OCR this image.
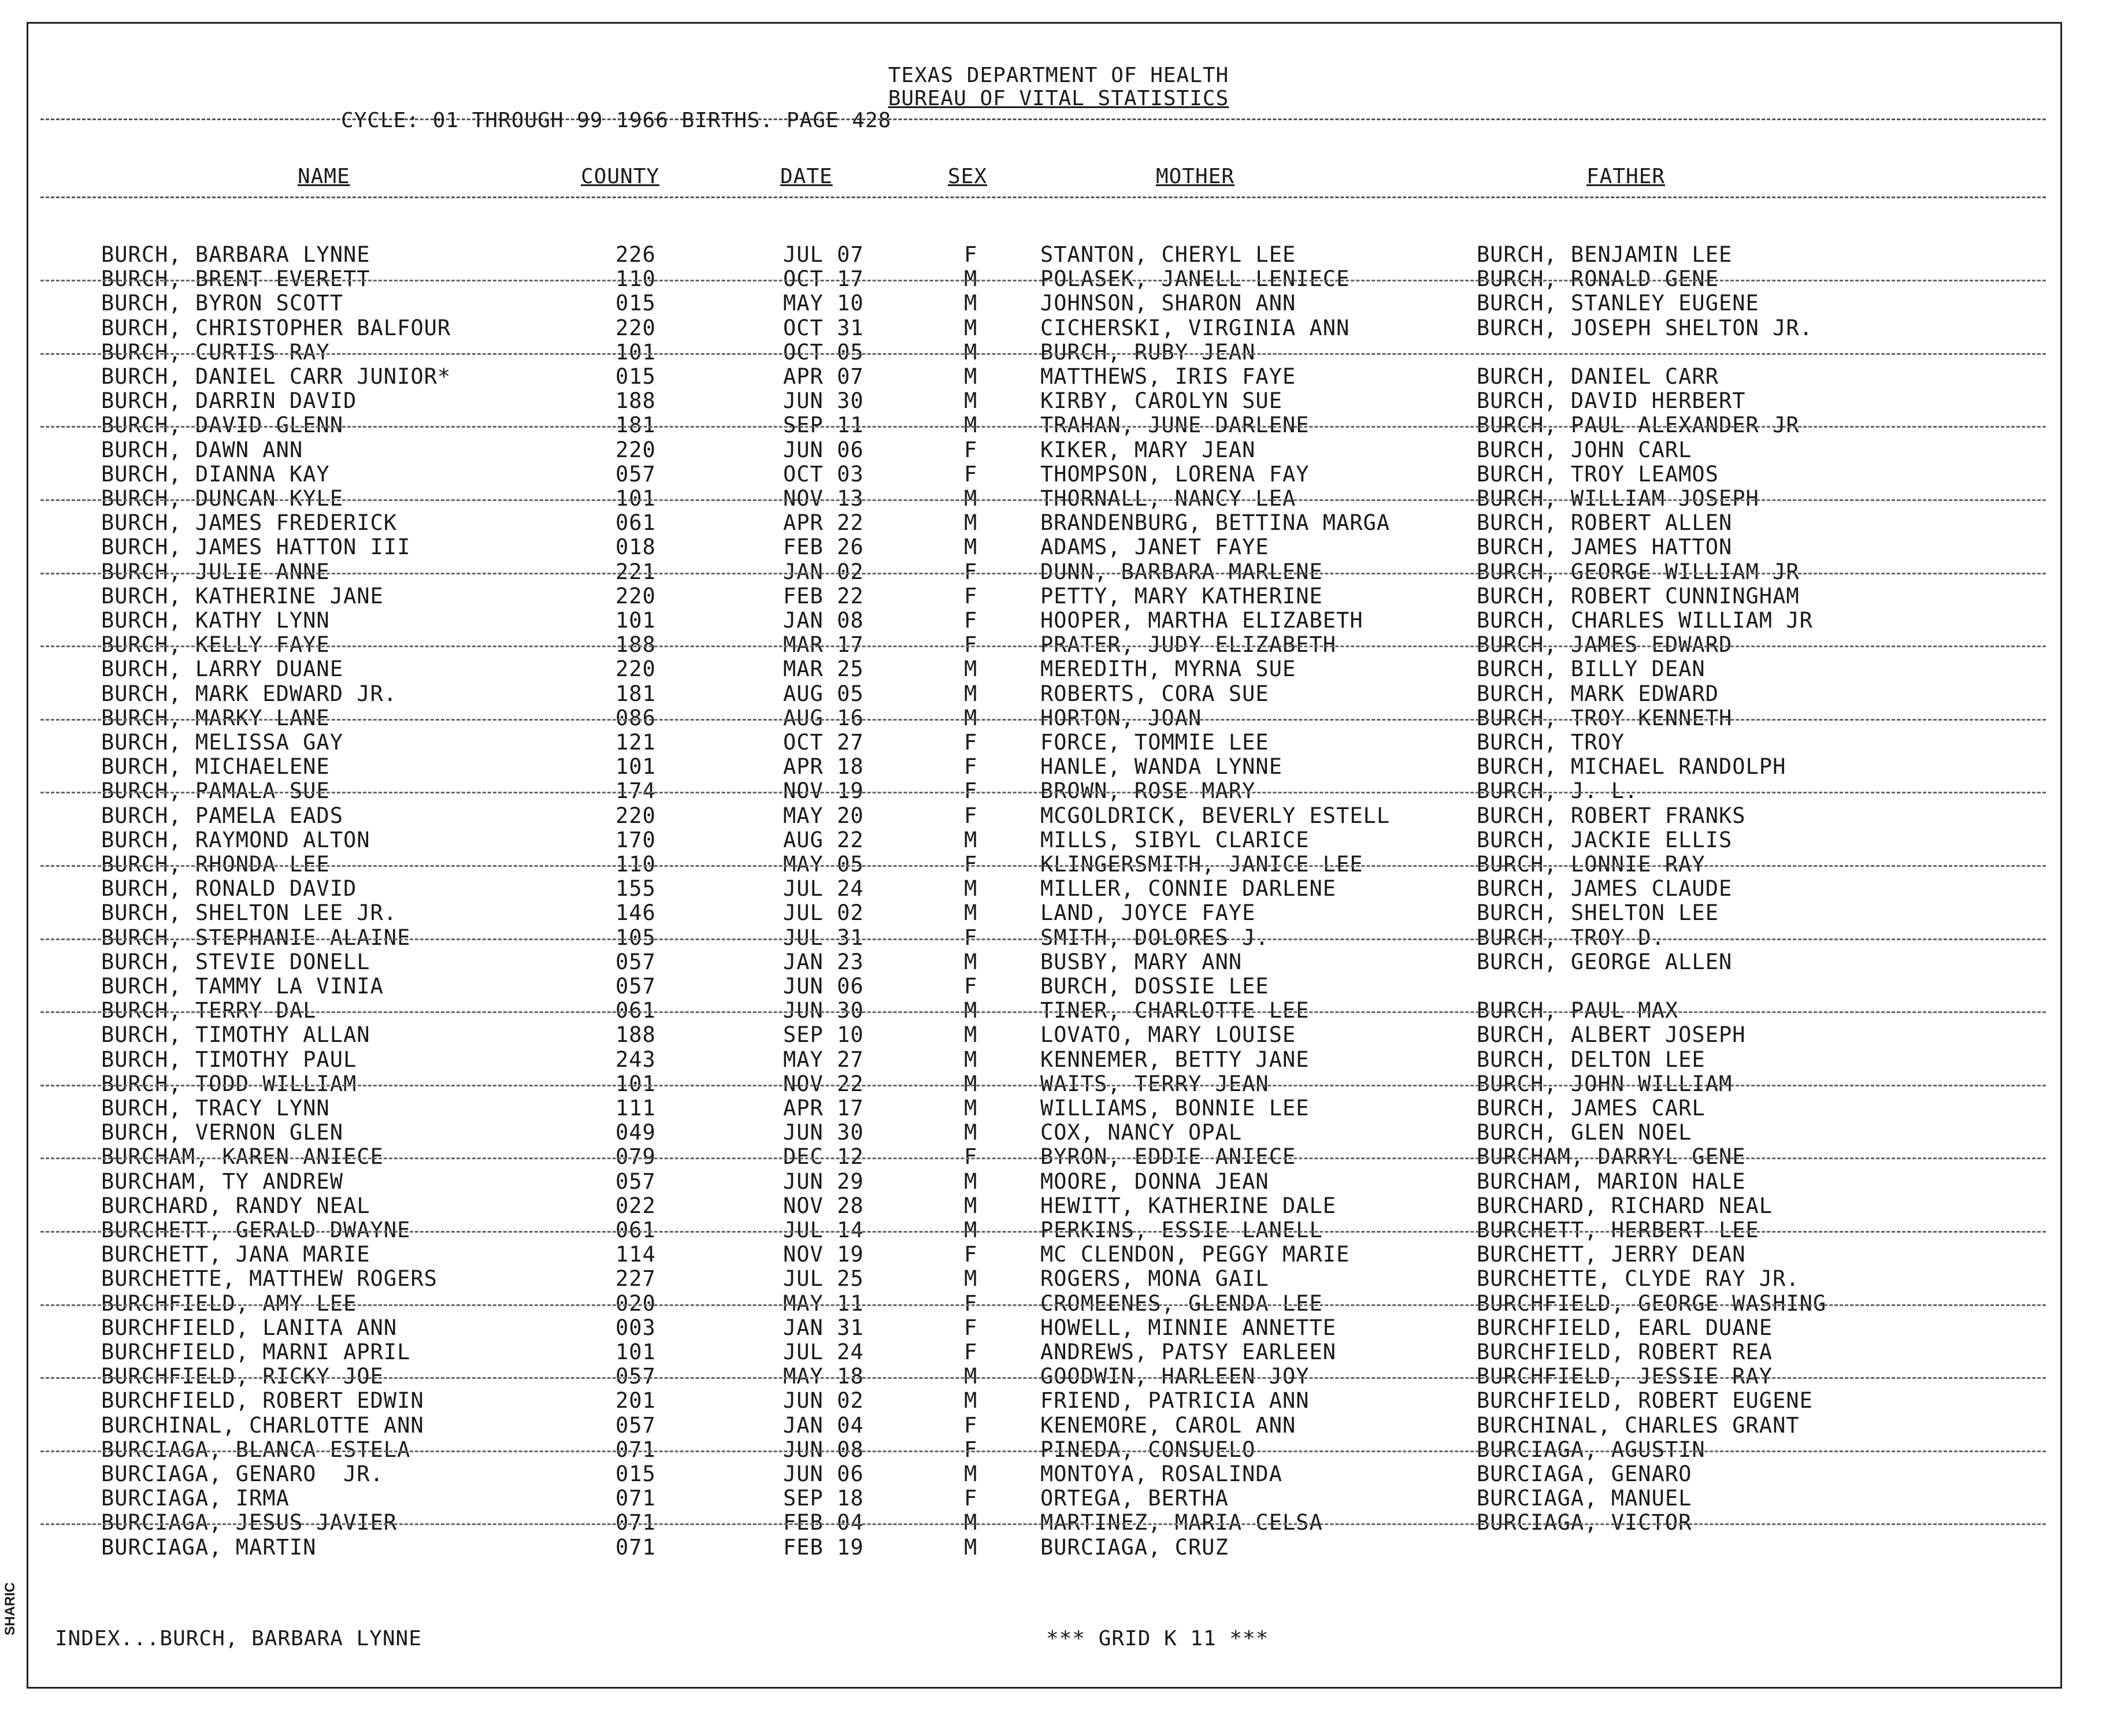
TEXAS DEPARTMENT OF HEALTH
BUREAU OF VITAL STATISTICS
CYCLE: 01 THROUGH 99 1966 BIRTHS. PAGE 428
NAME	COUNTY	DATE	SEX	MOTHER	FATHER
BURCH, BARBARA LYNNE	226	JUL 07	F	STANTON, CHERYL LEE	BURCH, BENJAMIN LEE
BURCH, BRENT EVERETT	110	OCT 17	M	POLASEK, JANELL LENIECE	BURCH, RONALD GENE
BURCH, BYRON SCOTT	015	MAY 10	M	JOHNSON, SHARON ANN	BURCH, STANLEY EUGENE
BURCH, CHRISTOPHER BALFOUR	220	OCT 31	M	CICHERSKI, VIRGINIA ANN	BURCH, JOSEPH SHELTON JR.
BURCH, CURTIS RAY	101	OCT 05	M	BURCH, RUBY JEAN
BURCH, DANIEL CARR JUNIOR*	015	APR 07	M	MATTHEWS, IRIS FAYE	BURCH, DANIEL CARR
BURCH, DARRIN DAVID	188	JUN 30	M	KIRBY, CAROLYN SUE	BURCH, DAVID HERBERT
BURCH, DAVID GLENN	181	SEP 11	M	TRAHAN, JUNE DARLENE	BURCH, PAUL ALEXANDER JR
BURCH, DAWN ANN	220	JUN 06	F	KIKER, MARY JEAN	BURCH, JOHN CARL
BURCH, DIANNA KAY	057	OCT 03	F	THOMPSON, LORENA FAY	BURCH, TROY LEAMOS
BURCH, DUNCAN KYLE	101	NOV 13	M	THORNALL, NANCY LEA	BURCH, WILLIAM JOSEPH
BURCH, JAMES FREDERICK	061	APR 22	M	BRANDENBURG, BETTINA MARGA	BURCH, ROBERT ALLEN
BURCH, JAMES HATTON III	018	FEB 26	M	ADAMS, JANET FAYE	BURCH, JAMES HATTON
BURCH, JULIE ANNE	221	JAN 02	F	DUNN, BARBARA MARLENE	BURCH, GEORGE WILLIAM JR
BURCH, KATHERINE JANE	220	FEB 22	F	PETTY, MARY KATHERINE	BURCH, ROBERT CUNNINGHAM
BURCH, KATHY LYNN	101	JAN 08	F	HOOPER, MARTHA ELIZABETH	BURCH, CHARLES WILLIAM JR
BURCH, KELLY FAYE	188	MAR 17	F	PRATER, JUDY ELIZABETH	BURCH, JAMES EDWARD
BURCH, LARRY DUANE	220	MAR 25	M	MEREDITH, MYRNA SUE	BURCH, BILLY DEAN
BURCH, MARK EDWARD JR.	181	AUG 05	M	ROBERTS, CORA SUE	BURCH, MARK EDWARD
BURCH, MARKY LANE	086	AUG 16	M	HORTON, JOAN	BURCH, TROY KENNETH
BURCH, MELISSA GAY	121	OCT 27	F	FORCE, TOMMIE LEE	BURCH, TROY
BURCH, MICHAELENE	101	APR 18	F	HANLE, WANDA LYNNE	BURCH, MICHAEL RANDOLPH
BURCH, PAMALA SUE	174	NOV 19	F	BROWN, ROSE MARY	BURCH, J. L.
BURCH, PAMELA EADS	220	MAY 20	F	MCGOLDRICK, BEVERLY ESTELL	BURCH, ROBERT FRANKS
BURCH, RAYMOND ALTON	170	AUG 22	M	MILLS, SIBYL CLARICE	BURCH, JACKIE ELLIS
BURCH, RHONDA LEE	110	MAY 05	F	KLINGERSMITH, JANICE LEE	BURCH, LONNIE RAY
BURCH, RONALD DAVID	155	JUL 24	M	MILLER, CONNIE DARLENE	BURCH, JAMES CLAUDE
BURCH, SHELTON LEE JR.	146	JUL 02	M	LAND, JOYCE FAYE	BURCH, SHELTON LEE
BURCH, STEPHANIE ALAINE	105	JUL 31	F	SMITH, DOLORES J.	BURCH, TROY D.
BURCH, STEVIE DONELL	057	JAN 23	M	BUSBY, MARY ANN	BURCH, GEORGE ALLEN
BURCH, TAMMY LA VINIA	057	JUN 06	F	BURCH, DOSSIE LEE
BURCH, TERRY DAL	061	JUN 30	M	TINER, CHARLOTTE LEE	BURCH, PAUL MAX
BURCH, TIMOTHY ALLAN	188	SEP 10	M	LOVATO, MARY LOUISE	BURCH, ALBERT JOSEPH
BURCH, TIMOTHY PAUL	243	MAY 27	M	KENNEMER, BETTY JANE	BURCH, DELTON LEE
BURCH, TODD WILLIAM	101	NOV 22	M	WAITS, TERRY JEAN	BURCH, JOHN WILLIAM
BURCH, TRACY LYNN	111	APR 17	M	WILLIAMS, BONNIE LEE	BURCH, JAMES CARL
BURCH, VERNON GLEN	049	JUN 30	M	COX, NANCY OPAL	BURCH, GLEN NOEL
BURCHAM, KAREN ANIECE	079	DEC 12	F	BYRON, EDDIE ANIECE	BURCHAM, DARRYL GENE
BURCHAM, TY ANDREW	057	JUN 29	M	MOORE, DONNA JEAN	BURCHAM, MARION HALE
BURCHARD, RANDY NEAL	022	NOV 28	M	HEWITT, KATHERINE DALE	BURCHARD, RICHARD NEAL
BURCHETT, GERALD DWAYNE	061	JUL 14	M	PERKINS, ESSIE LANELL	BURCHETT, HERBERT LEE
BURCHETT, JANA MARIE	114	NOV 19	F	MC CLENDON, PEGGY MARIE	BURCHETT, JERRY DEAN
BURCHETTE, MATTHEW ROGERS	227	JUL 25	M	ROGERS, MONA GAIL	BURCHETTE, CLYDE RAY JR.
BURCHFIELD, AMY LEE	020	MAY 11	F	CROMEENES, GLENDA LEE	BURCHFIELD, GEORGE WASHING
BURCHFIELD, LANITA ANN	003	JAN 31	F	HOWELL, MINNIE ANNETTE	BURCHFIELD, EARL DUANE
BURCHFIELD, MARNI APRIL	101	JUL 24	F	ANDREWS, PATSY EARLEEN	BURCHFIELD, ROBERT REA
BURCHFIELD, RICKY JOE	057	MAY 18	M	GOODWIN, HARLEEN JOY	BURCHFIELD, JESSIE RAY
BURCHFIELD, ROBERT EDWIN	201	JUN 02	M	FRIEND, PATRICIA ANN	BURCHFIELD, ROBERT EUGENE
BURCHINAL, CHARLOTTE ANN	057	JAN 04	F	KENEMORE, CAROL ANN	BURCHINAL, CHARLES GRANT
BURCIAGA, BLANCA ESTELA	071	JUN 08	F	PINEDA, CONSUELO	BURCIAGA, AGUSTIN
BURCIAGA, GENARO  JR.	015	JUN 06	M	MONTOYA, ROSALINDA	BURCIAGA, GENARO
BURCIAGA, IRMA	071	SEP 18	F	ORTEGA, BERTHA	BURCIAGA, MANUEL
BURCIAGA, JESUS JAVIER	071	FEB 04	M	MARTINEZ, MARIA CELSA	BURCIAGA, VICTOR
BURCIAGA, MARTIN	071	FEB 19	M	BURCIAGA, CRUZ
INDEX...BURCH, BARBARA LYNNE	*** GRID K 11 ***
SHARIC
